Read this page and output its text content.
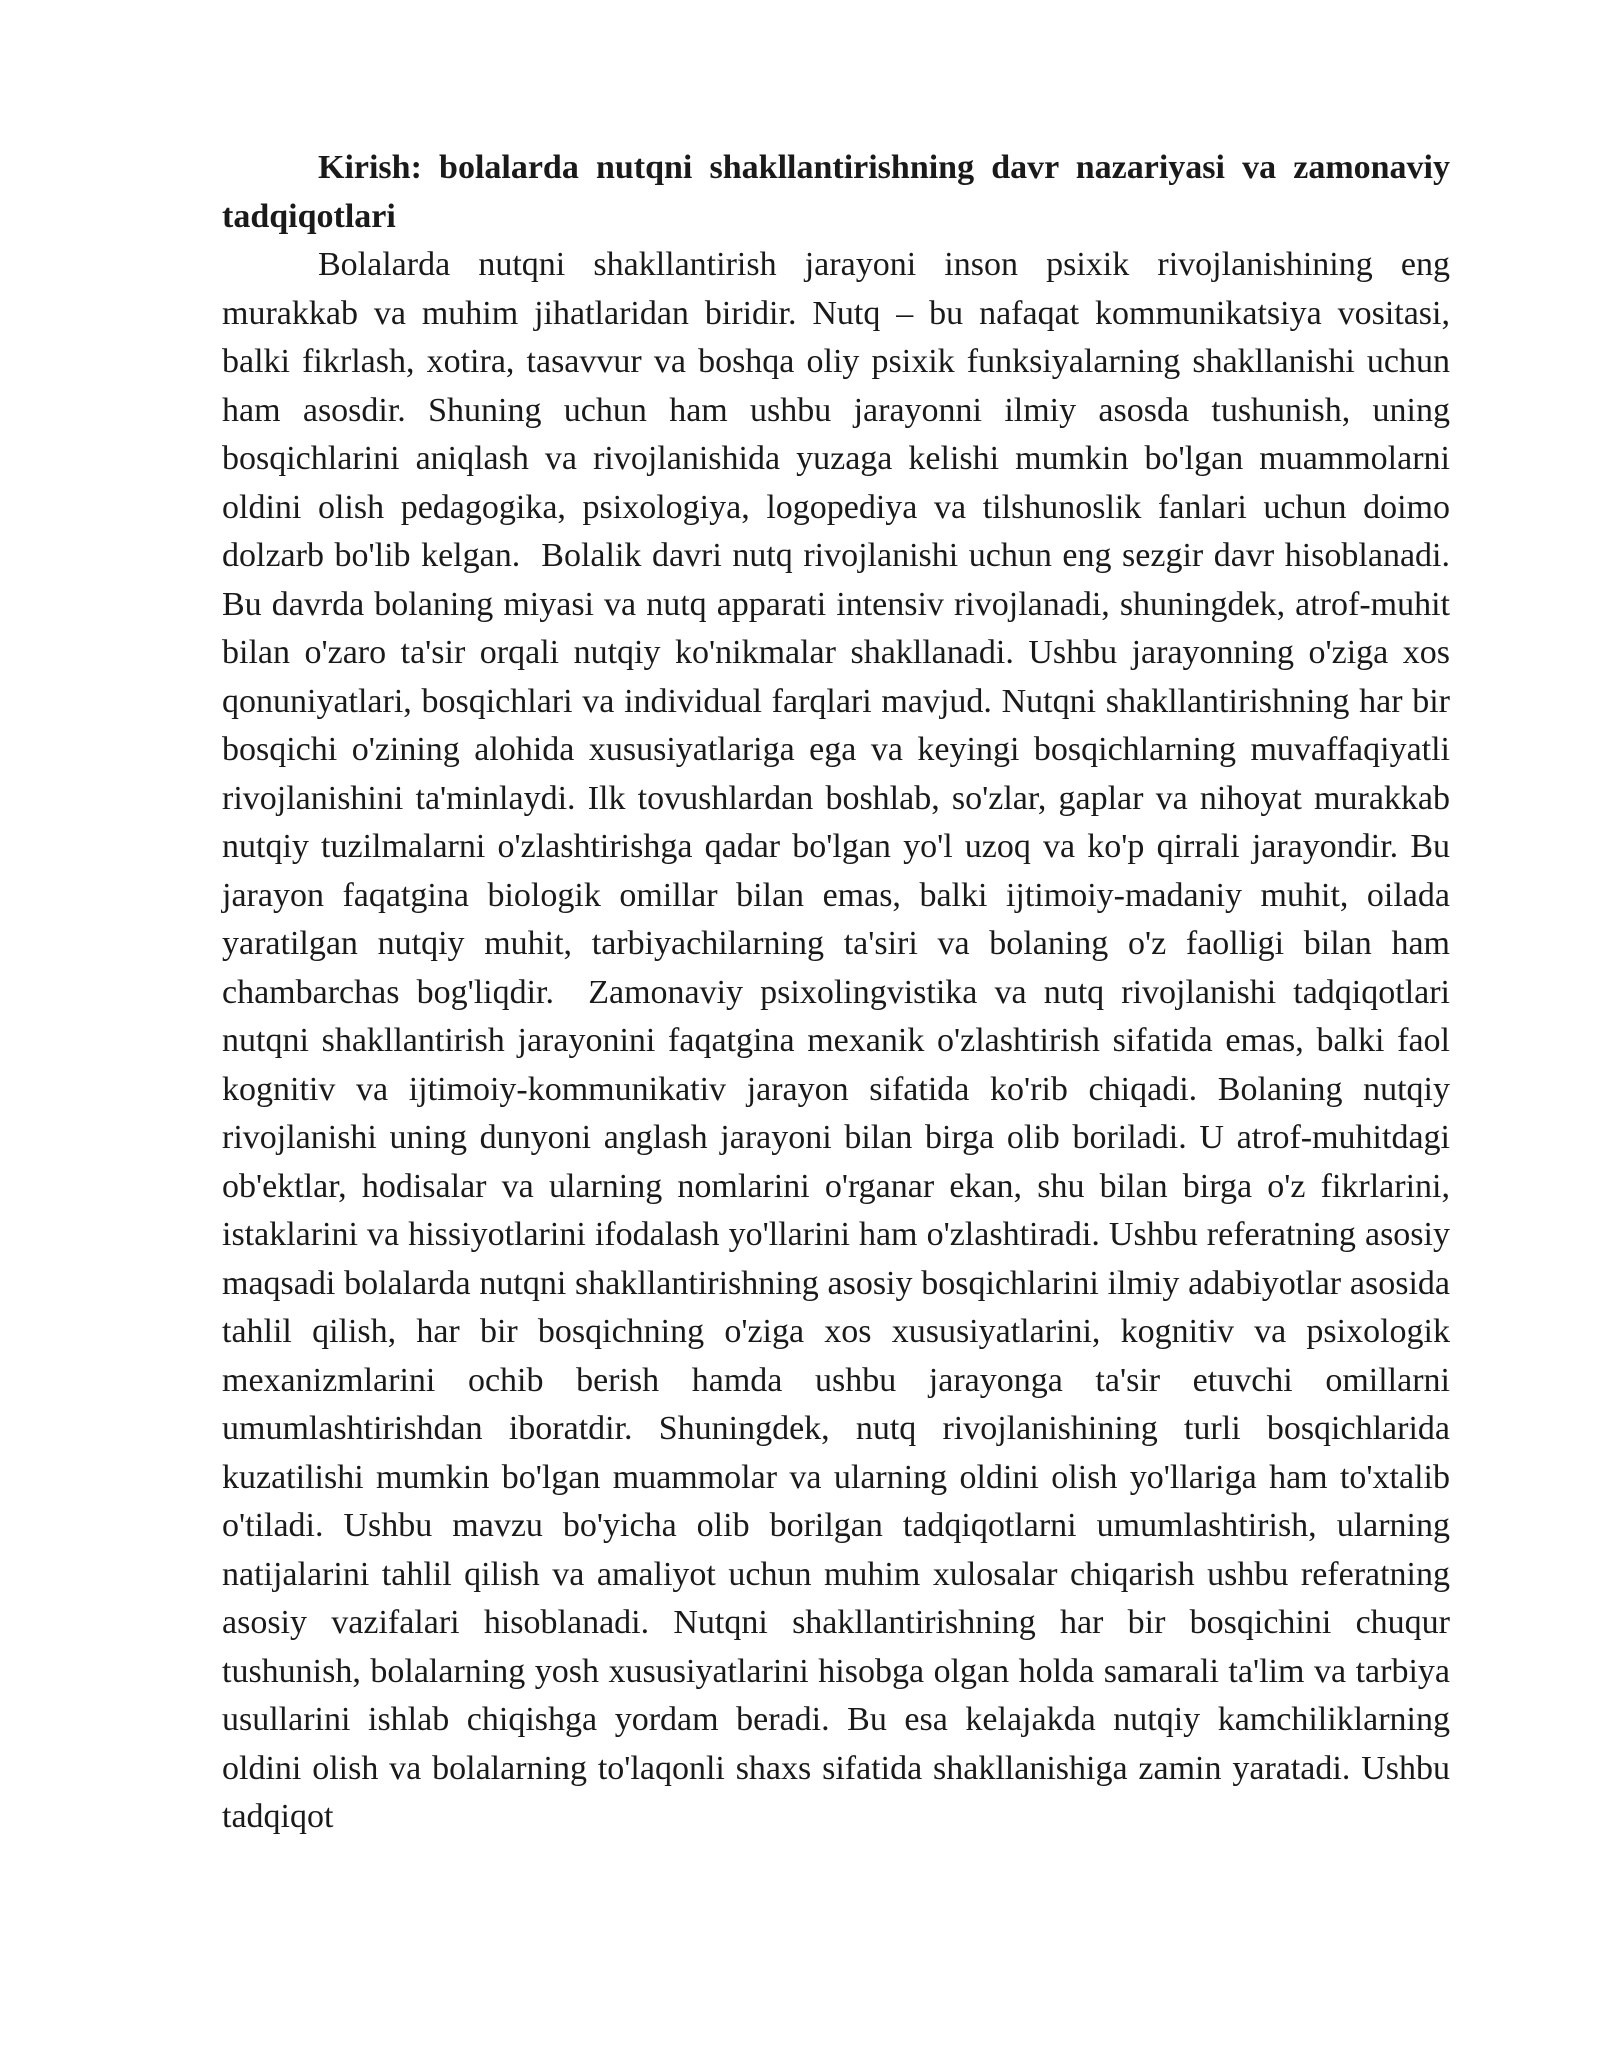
Kirish: bolalarda nutqni shakllantirishning davr nazariyasi va zamonaviy tadqiqotlari

Bolalarda nutqni shakllantirish jarayoni inson psixik rivojlanishining eng murakkab va muhim jihatlaridan biridir. Nutq – bu nafaqat kommunikatsiya vositasi, balki fikrlash, xotira, tasavvur va boshqa oliy psixik funksiyalarning shakllanishi uchun ham asosdir. Shuning uchun ham ushbu jarayonni ilmiy asosda tushunish, uning bosqichlarini aniqlash va rivojlanishida yuzaga kelishi mumkin bo'lgan muammolarni oldini olish pedagogika, psixologiya, logopediya va tilshunoslik fanlari uchun doimo dolzarb bo'lib kelgan.  Bolalik davri nutq rivojlanishi uchun eng sezgir davr hisoblanadi. Bu davrda bolaning miyasi va nutq apparati intensiv rivojlanadi, shuningdek, atrof-muhit bilan o'zaro ta'sir orqali nutqiy ko'nikmalar shakllanadi. Ushbu jarayonning o'ziga xos qonuniyatlari, bosqichlari va individual farqlari mavjud. Nutqni shakllantirishning har bir bosqichi o'zining alohida xususiyatlariga ega va keyingi bosqichlarning muvaffaqiyatli rivojlanishini ta'minlaydi. Ilk tovushlardan boshlab, so'zlar, gaplar va nihoyat murakkab nutqiy tuzilmalarni o'zlashtirishga qadar bo'lgan yo'l uzoq va ko'p qirrali jarayondir. Bu jarayon faqatgina biologik omillar bilan emas, balki ijtimoiy-madaniy muhit, oilada yaratilgan nutqiy muhit, tarbiyachilarning ta'siri va bolaning o'z faolligi bilan ham chambarchas bog'liqdir.  Zamonaviy psixolingvistika va nutq rivojlanishi tadqiqotlari nutqni shakllantirish jarayonini faqatgina mexanik o'zlashtirish sifatida emas, balki faol kognitiv va ijtimoiy-kommunikativ jarayon sifatida ko'rib chiqadi. Bolaning nutqiy rivojlanishi uning dunyoni anglash jarayoni bilan birga olib boriladi. U atrof-muhitdagi ob'ektlar, hodisalar va ularning nomlarini o'rganar ekan, shu bilan birga o'z fikrlarini, istaklarini va hissiyotlarini ifodalash yo'llarini ham o'zlashtiradi. Ushbu referatning asosiy maqsadi bolalarda nutqni shakllantirishning asosiy bosqichlarini ilmiy adabiyotlar asosida tahlil qilish, har bir bosqichning o'ziga xos xususiyatlarini, kognitiv va psixologik mexanizmlarini ochib berish hamda ushbu jarayonga ta'sir etuvchi omillarni umumlashtirishdan iboratdir. Shuningdek, nutq rivojlanishining turli bosqichlarida kuzatilishi mumkin bo'lgan muammolar va ularning oldini olish yo'llariga ham to'xtalib o'tiladi. Ushbu mavzu bo'yicha olib borilgan tadqiqotlarni umumlashtirish, ularning natijalarini tahlil qilish va amaliyot uchun muhim xulosalar chiqarish ushbu referatning asosiy vazifalari hisoblanadi. Nutqni shakllantirishning har bir bosqichini chuqur tushunish, bolalarning yosh xususiyatlarini hisobga olgan holda samarali ta'lim va tarbiya usullarini ishlab chiqishga yordam beradi. Bu esa kelajakda nutqiy kamchiliklarning oldini olish va bolalarning to'laqonli shaxs sifatida shakllanishiga zamin yaratadi. Ushbu tadqiqot
